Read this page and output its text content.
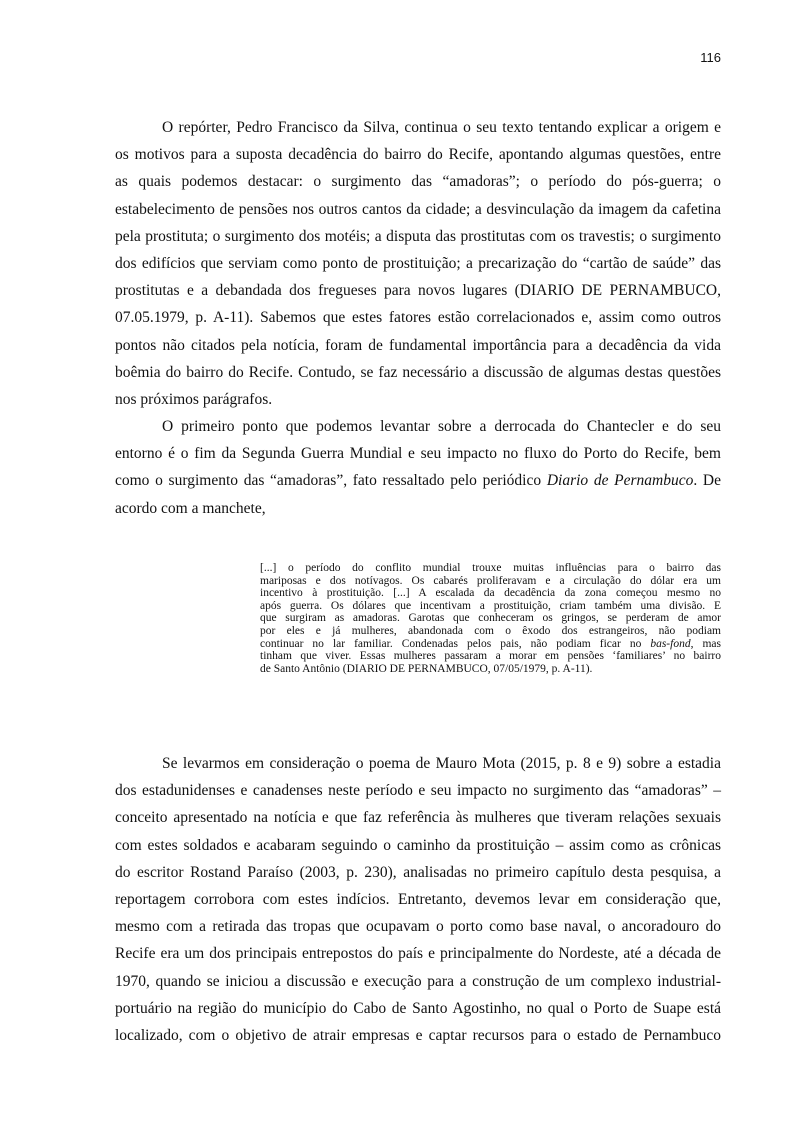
116

O repórter, Pedro Francisco da Silva, continua o seu texto tentando explicar a origem e
os motivos para a suposta decadência do bairro do Recife, apontando algumas questões, entre
as quais podemos destacar: o surgimento das “amadoras”; o período do pós-guerra; o
estabelecimento de pensões nos outros cantos da cidade; a desvinculação da imagem da cafetina
pela prostituta; o surgimento dos motéis; a disputa das prostitutas com os travestis; o surgimento
dos edifícios que serviam como ponto de prostituição; a precarização do “cartão de saúde” das
prostitutas e a debandada dos fregueses para novos lugares (DIARIO DE PERNAMBUCO,
07.05.1979, p. A-11). Sabemos que estes fatores estão correlacionados e, assim como outros
pontos não citados pela notícia, foram de fundamental importância para a decadência da vida
boêmia do bairro do Recife. Contudo, se faz necessário a discussão de algumas destas questões
nos próximos parágrafos.

O primeiro ponto que podemos levantar sobre a derrocada do Chantecler e do seu
entorno é o fim da Segunda Guerra Mundial e seu impacto no fluxo do Porto do Recife, bem
como o surgimento das “amadoras”, fato ressaltado pelo periódico Diario de Pernambuco. De
acordo com a manchete,

[...] o período do conflito mundial trouxe muitas influências para o bairro das
mariposas e dos notívagos. Os cabarés proliferavam e a circulação do dólar era um
incentivo à prostituição. [...] A escalada da decadência da zona começou mesmo no
após guerra. Os dólares que incentivam a prostituição, criam também uma divisão. E
que surgiram as amadoras. Garotas que conheceram os gringos, se perderam de amor
por eles e já mulheres, abandonada com o êxodo dos estrangeiros, não podiam
continuar no lar familiar. Condenadas pelos pais, não podiam ficar no bas-fond, mas
tinham que viver. Essas mulheres passaram a morar em pensões ‘familiares’ no bairro
de Santo Antônio (DIARIO DE PERNAMBUCO, 07/05/1979, p. A-11).

Se levarmos em consideração o poema de Mauro Mota (2015, p. 8 e 9) sobre a estadia
dos estadunidenses e canadenses neste período e seu impacto no surgimento das “amadoras” –
conceito apresentado na notícia e que faz referência às mulheres que tiveram relações sexuais
com estes soldados e acabaram seguindo o caminho da prostituição – assim como as crônicas
do escritor Rostand Paraíso (2003, p. 230), analisadas no primeiro capítulo desta pesquisa, a
reportagem corrobora com estes indícios. Entretanto, devemos levar em consideração que,
mesmo com a retirada das tropas que ocupavam o porto como base naval, o ancoradouro do
Recife era um dos principais entrepostos do país e principalmente do Nordeste, até a década de
1970, quando se iniciou a discussão e execução para a construção de um complexo industrial-
portuário na região do município do Cabo de Santo Agostinho, no qual o Porto de Suape está
localizado, com o objetivo de atrair empresas e captar recursos para o estado de Pernambuco
